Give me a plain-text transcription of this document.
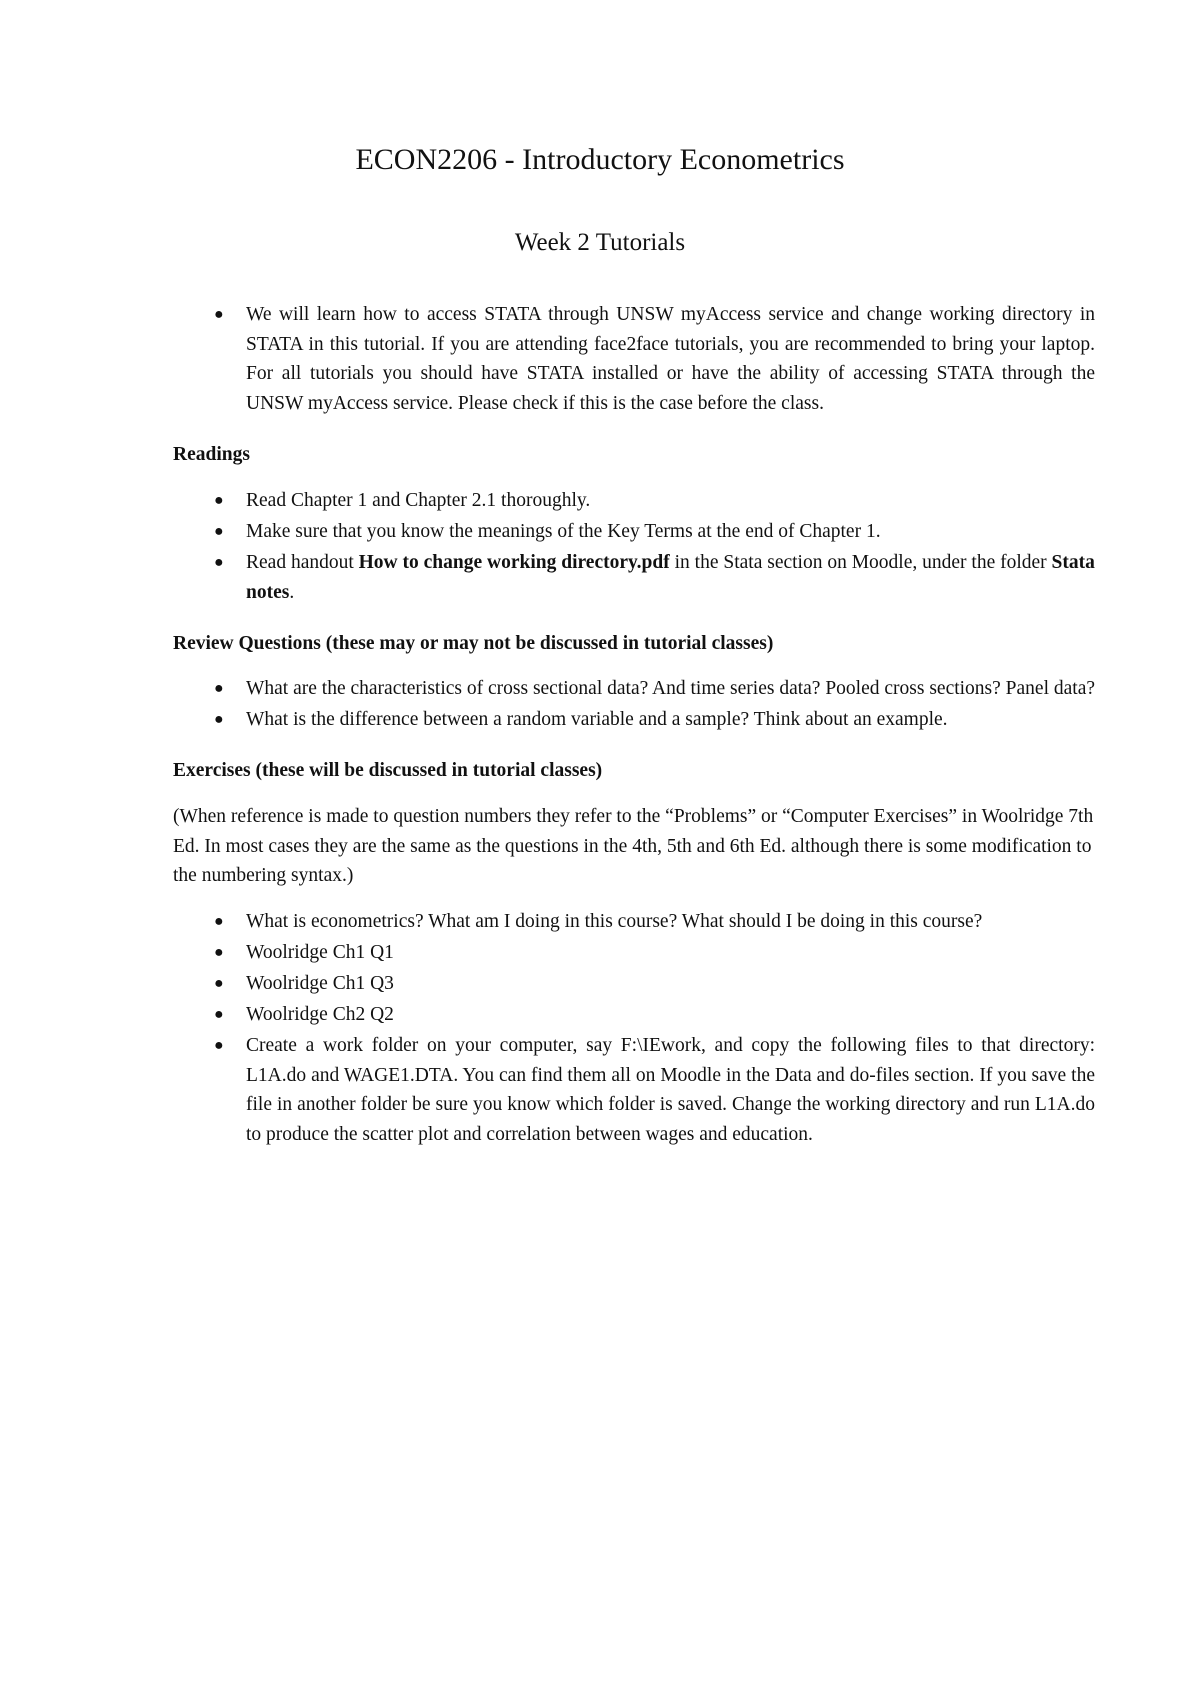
ECON2206 - Introductory Econometrics
Week 2 Tutorials
● We will learn how to access STATA through UNSW myAccess service and change working directory in STATA in this tutorial. If you are attending face2face tutorials, you are recommended to bring your laptop. For all tutorials you should have STATA installed or have the ability of accessing STATA through the UNSW myAccess service. Please check if this is the case before the class.
Readings
● Read Chapter 1 and Chapter 2.1 thoroughly.
● Make sure that you know the meanings of the Key Terms at the end of Chapter 1.
● Read handout How to change working directory.pdf in the Stata section on Moodle, under the folder Stata notes.
Review Questions (these may or may not be discussed in tutorial classes)
● What are the characteristics of cross sectional data? And time series data? Pooled cross sections? Panel data?
● What is the difference between a random variable and a sample? Think about an example.
Exercises (these will be discussed in tutorial classes)

(When reference is made to question numbers they refer to the “Problems” or “Computer Exercises” in Woolridge 7th Ed. In most cases they are the same as the questions in the 4th, 5th and 6th Ed. although there is some modification to the numbering syntax.)

● What is econometrics? What am I doing in this course? What should I be doing in this course?
● Woolridge Ch1 Q1
● Woolridge Ch1 Q3
● Woolridge Ch2 Q2
● Create a work folder on your computer, say F:\IEwork, and copy the following files to that directory: L1A.do and WAGE1.DTA. You can find them all on Moodle in the Data and do-files section. If you save the file in another folder be sure you know which folder is saved. Change the working directory and run L1A.do to produce the scatter plot and correlation between wages and education.
